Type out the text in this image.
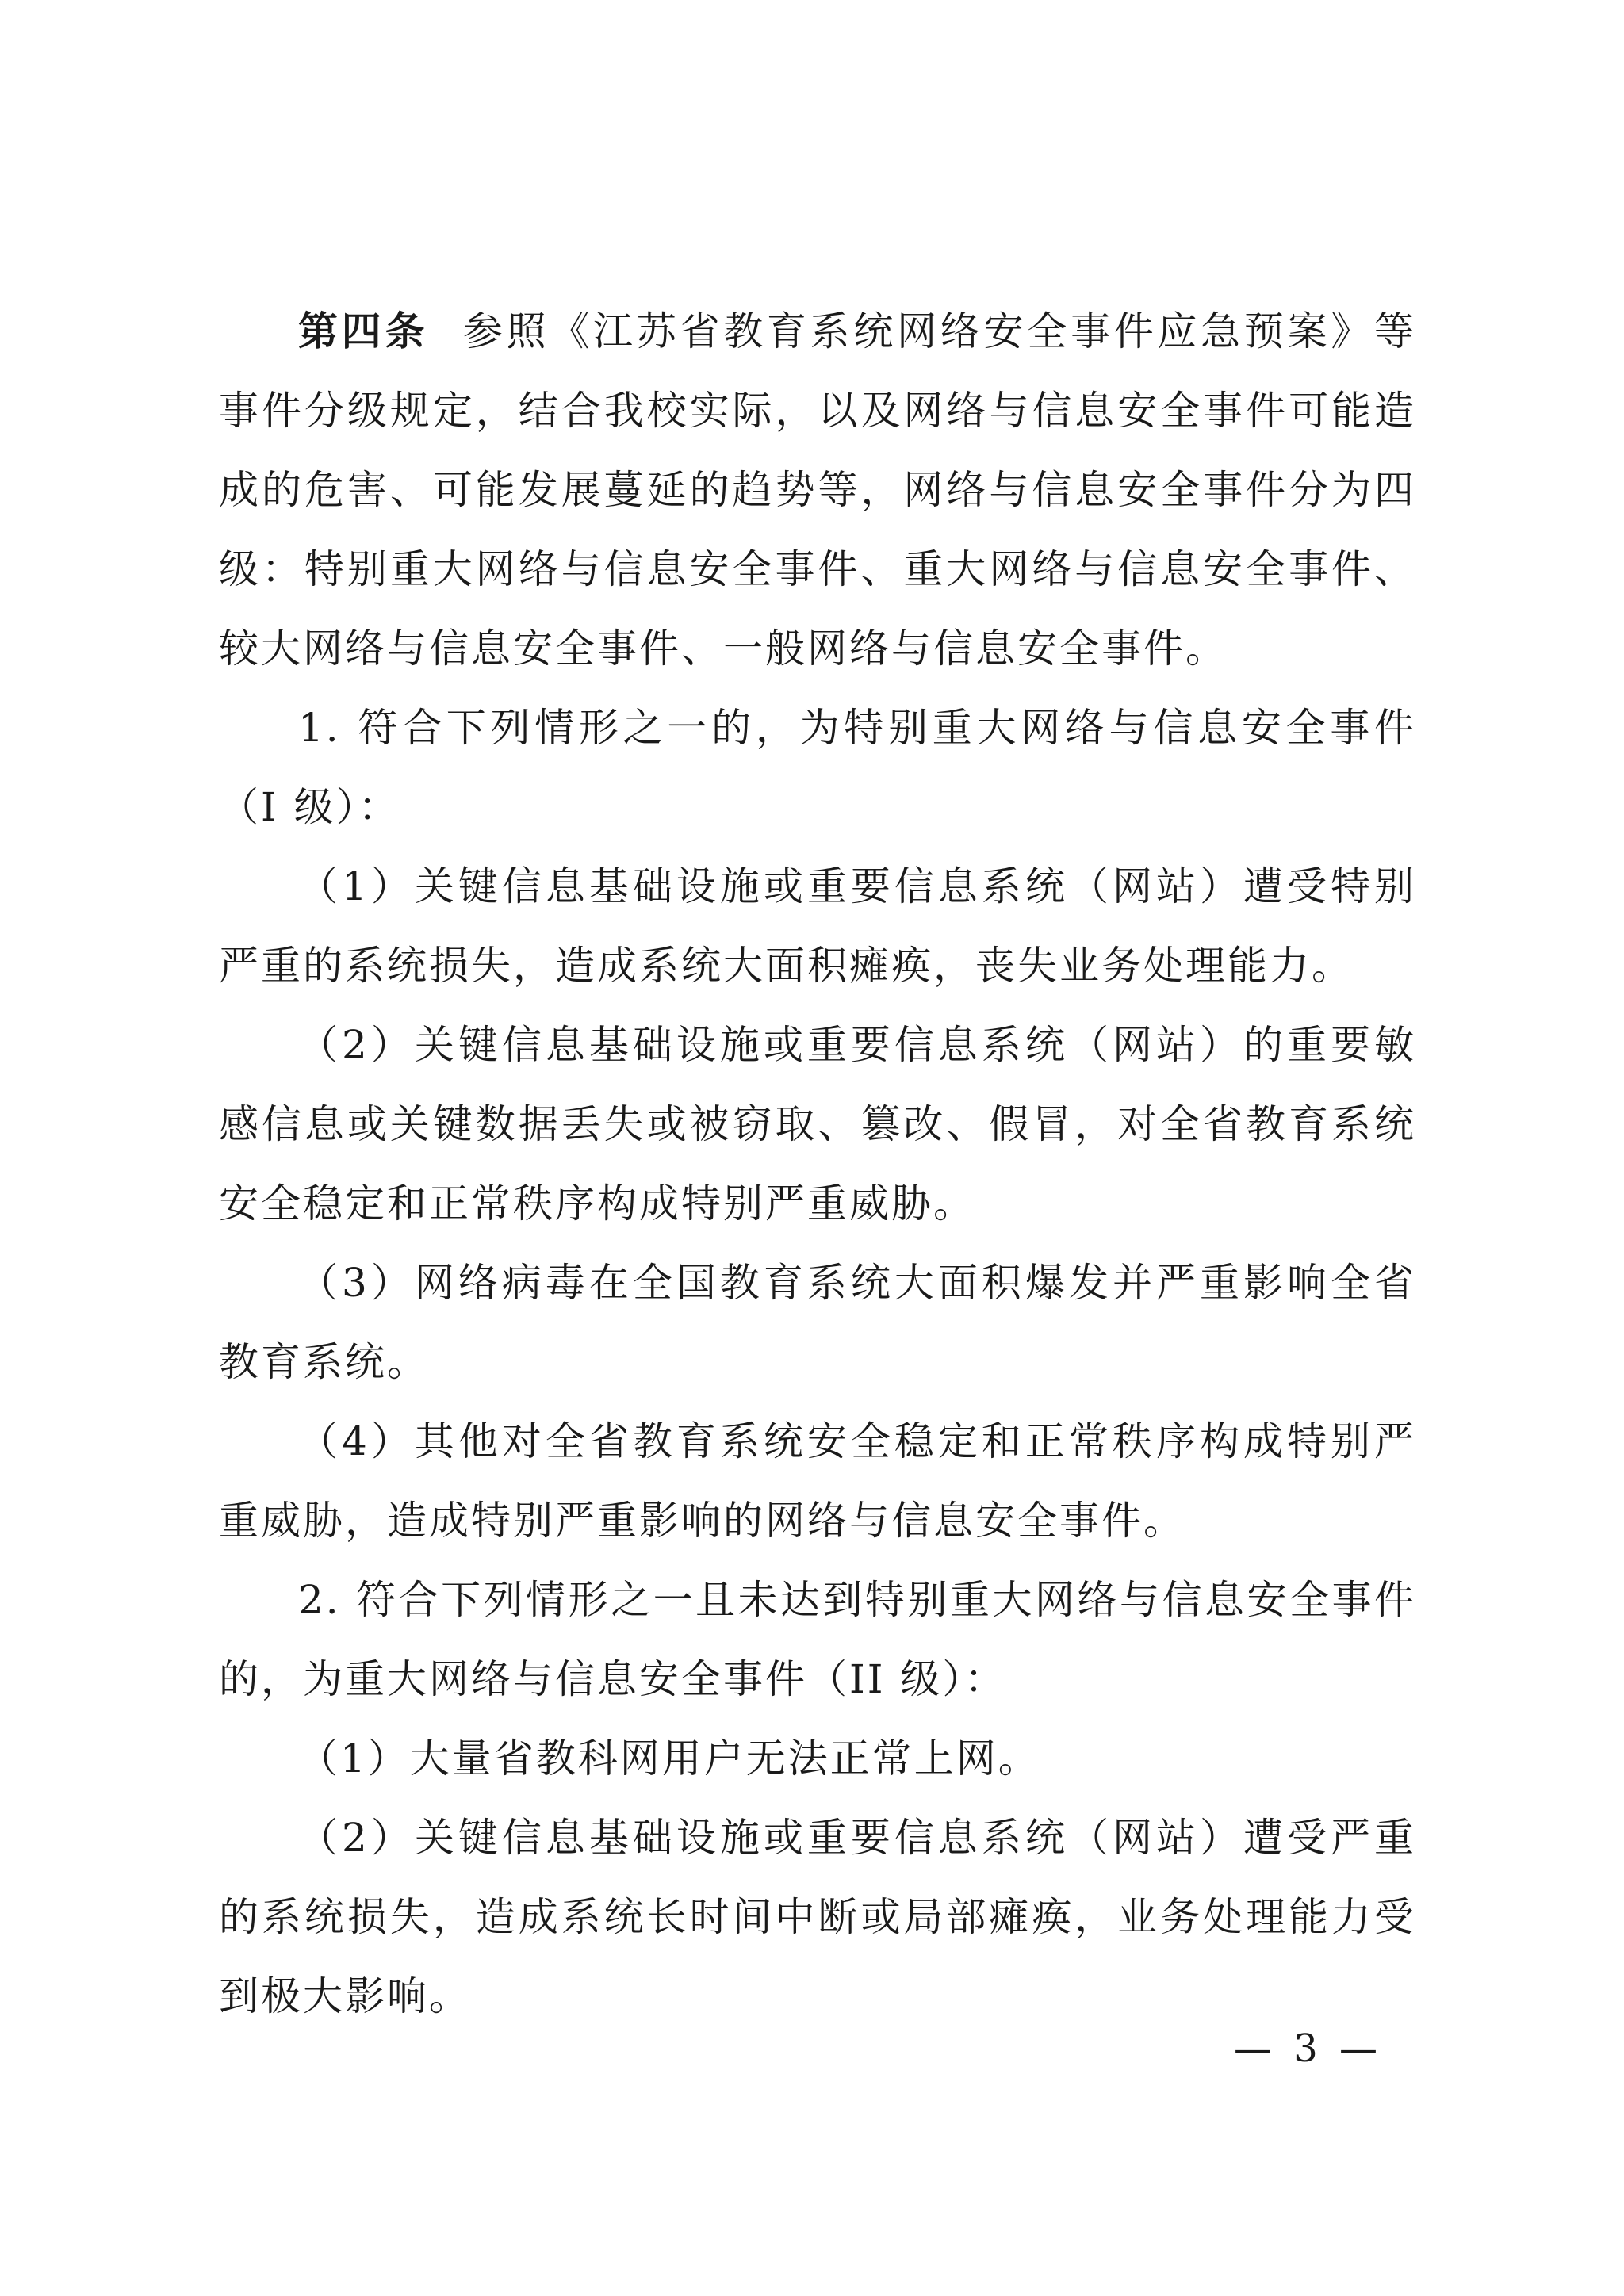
第四条 参照《江苏省教育系统网络安全事件应急预案》等事件分级规定，结合我校实际，以及网络与信息安全事件可能造成的危害、可能发展蔓延的趋势等，网络与信息安全事件分为四级：特别重大网络与信息安全事件、重大网络与信息安全事件、较大网络与信息安全事件、一般网络与信息安全事件。

1. 符合下列情形之一的，为特别重大网络与信息安全事件（I 级）：

（1）关键信息基础设施或重要信息系统（网站）遭受特别严重的系统损失，造成系统大面积瘫痪，丧失业务处理能力。

（2）关键信息基础设施或重要信息系统（网站）的重要敏感信息或关键数据丢失或被窃取、篡改、假冒，对全省教育系统安全稳定和正常秩序构成特别严重威胁。

（3）网络病毒在全国教育系统大面积爆发并严重影响全省教育系统。

（4）其他对全省教育系统安全稳定和正常秩序构成特别严重威胁，造成特别严重影响的网络与信息安全事件。

2. 符合下列情形之一且未达到特别重大网络与信息安全事件的，为重大网络与信息安全事件（II 级）：

（1）大量省教科网用户无法正常上网。

（2）关键信息基础设施或重要信息系统（网站）遭受严重的系统损失，造成系统长时间中断或局部瘫痪，业务处理能力受到极大影响。

— 3 —
